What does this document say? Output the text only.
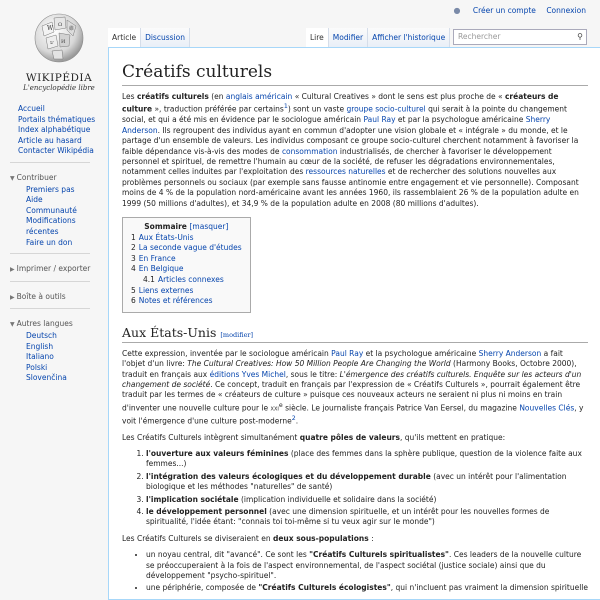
● Créer un compte Connexion
W Ω
И
ש
維
WIKIPÉDIA
L'encyclopédie libre
Article	Discussion	Lire	Modifier	Afficher l'historique	Rechercher	⚲
Accueil
Portails thématiques
Index alphabétique
Article au hasard
Contacter Wikipédia
▼ Contribuer
Premiers pas
Aide
Communauté
Modifications récentes
Faire un don
▶ Imprimer / exporter
▶ Boîte à outils
▼ Autres langues
Deutsch
English
Italiano
Polski
Slovenčina
Créatifs culturels

Les créatifs culturels (en anglais américain « Cultural Creatives » dont le sens est plus proche de « créateurs de culture », traduction préférée par certains$^1$) sont un vaste groupe socio-culturel qui serait à la pointe du changement social, et qui a été mis en évidence par le sociologue américain Paul Ray et par la psychologue américaine Sherry Anderson. Ils regroupent des individus ayant en commun d'adopter une vision globale et « intégrale » du monde, et le partage d'un ensemble de valeurs. Les individus composant ce groupe socio-culturel cherchent notamment à favoriser la faible dépendance vis-à-vis des modes de consommation industrialisés, de chercher à favoriser le développement personnel et spirituel, de remettre l'humain au cœur de la société, de refuser les dégradations environnementales, notamment celles induites par l'exploitation des ressources naturelles et de rechercher des solutions nouvelles aux problèmes personnels ou sociaux (par exemple sans fausse antinomie entre engagement et vie personnelle). Composant moins de 4 % de la population nord-américaine avant les années 1960, ils rassemblaient 26 % de la population adulte en 1999 (50 millions d'adultes), et 34,9 % de la population adulte en 2008 (80 millions d'adultes).

Sommaire [masquer]
1 Aux États-Unis
2 La seconde vague d'études
3 En France
4 En Belgique
4.1 Articles connexes
5 Liens externes
6 Notes et références
Aux États-Unis [modifier]

Cette expression, inventée par le sociologue américain Paul Ray et la psychologue américaine Sherry Anderson a fait l'objet d'un livre: The Cultural Creatives: How 50 Million People Are Changing the World (Harmony Books, Octobre 2000), traduit en français aux éditions Yves Michel, sous le titre: L'émergence des créatifs culturels. Enquête sur les acteurs d'un changement de société. Ce concept, traduit en français par l'expression de « Créatifs Culturels », pourrait également être traduit par les termes de « créateurs de culture » puisque ces nouveaux acteurs ne seraient ni plus ni moins en train d'inventer une nouvelle culture pour le xxi$^e$ siècle. Le journaliste français Patrice Van Eersel, du magazine Nouvelles Clés, y voit l'émergence d'une culture post-moderne$^2$.

Les Créatifs Culturels intègrent simultanément quatre pôles de valeurs, qu'ils mettent en pratique:

1. l'ouverture aux valeurs féminines (place des femmes dans la sphère publique, question de la violence faite aux femmes...)
2. l'intégration des valeurs écologiques et du développement durable (avec un intérêt pour l'alimentation biologique et les méthodes "naturelles" de santé)
3. l'implication sociétale (implication individuelle et solidaire dans la société)
4. le développement personnel (avec une dimension spirituelle, et un intérêt pour les nouvelles formes de spiritualité, l'idée étant: "connais toi toi-même si tu veux agir sur le monde")

Les Créatifs Culturels se diviseraient en deux sous-populations :

• un noyau central, dit "avancé". Ce sont les "Créatifs Culturels spiritualistes". Ces leaders de la nouvelle culture se préoccuperaient à la fois de l'aspect environnemental, de l'aspect sociétal (justice sociale) ainsi que du développement "psycho-spirituel".
• une périphérie, composée de "Créatifs Culturels écologistes", qui n'incluent pas vraiment la dimension spirituelle
